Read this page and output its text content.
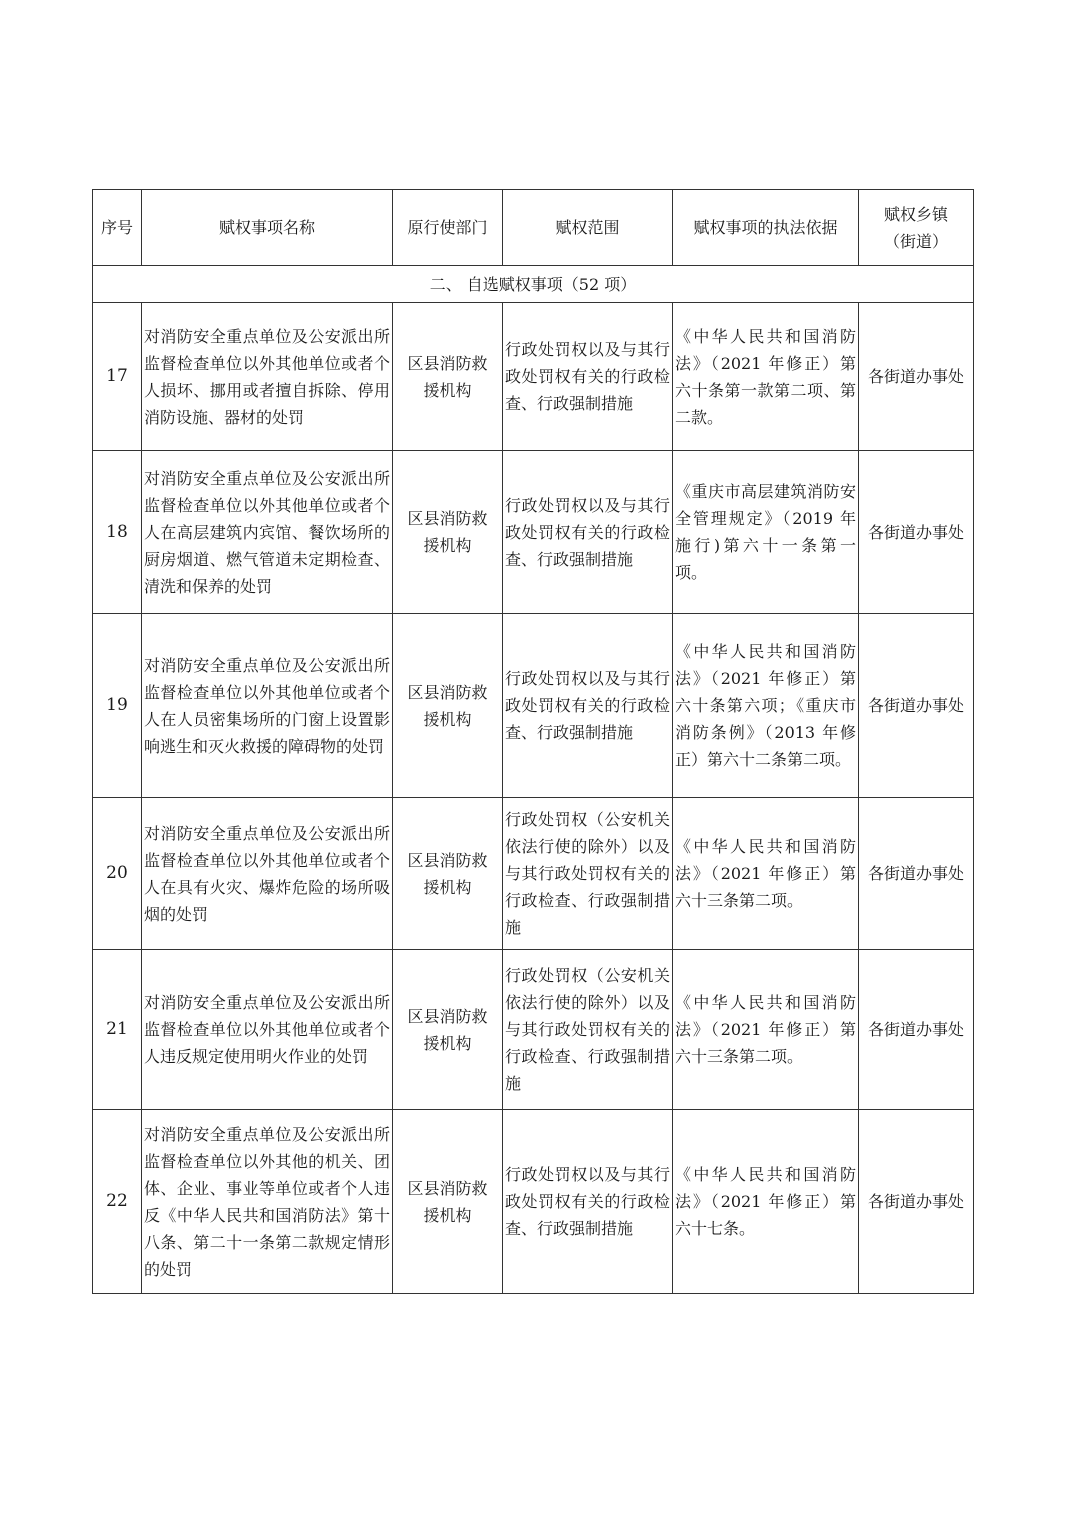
序号	赋权事项名称	原行使部门	赋权范围	赋权事项的执法依据	赋权乡镇（街道）
二、 自选赋权事项（52 项）					
17	对消防安全重点单位及公安派出所监督检查单位以外其他单位或者个人损坏、挪用或者擅自拆除、停用消防设施、器材的处罚	区县消防救援机构	行政处罚权以及与其行政处罚权有关的行政检查、行政强制措施	《中华人民共和国消防法》（2021 年修正）第六十条第一款第二项、第二款。	各街道办事处
18	对消防安全重点单位及公安派出所监督检查单位以外其他单位或者个人在高层建筑内宾馆、餐饮场所的厨房烟道、燃气管道未定期检查、清洗和保养的处罚	区县消防救援机构	行政处罚权以及与其行政处罚权有关的行政检查、行政强制措施	《重庆市高层建筑消防安全管理规定》（2019 年施行)第六十一条第一项。	各街道办事处
19	对消防安全重点单位及公安派出所监督检查单位以外其他单位或者个人在人员密集场所的门窗上设置影响逃生和灭火救援的障碍物的处罚	区县消防救援机构	行政处罚权以及与其行政处罚权有关的行政检查、行政强制措施	《中华人民共和国消防法》（2021 年修正）第六十条第六项；《重庆市消防条例》（2013 年修正）第六十二条第二项。	各街道办事处
20	对消防安全重点单位及公安派出所监督检查单位以外其他单位或者个人在具有火灾、爆炸危险的场所吸烟的处罚	区县消防救援机构	行政处罚权（公安机关依法行使的除外）以及与其行政处罚权有关的行政检查、行政强制措施	《中华人民共和国消防法》（2021 年修正）第六十三条第二项。	各街道办事处
21	对消防安全重点单位及公安派出所监督检查单位以外其他单位或者个人违反规定使用明火作业的处罚	区县消防救援机构	行政处罚权（公安机关依法行使的除外）以及与其行政处罚权有关的行政检查、行政强制措施	《中华人民共和国消防法》（2021 年修正）第六十三条第二项。	各街道办事处
22	对消防安全重点单位及公安派出所监督检查单位以外其他的机关、团体、企业、事业等单位或者个人违反《中华人民共和国消防法》第十八条、第二十一条第二款规定情形的处罚	区县消防救援机构	行政处罚权以及与其行政处罚权有关的行政检查、行政强制措施	《中华人民共和国消防法》（2021 年修正）第六十七条。	各街道办事处
